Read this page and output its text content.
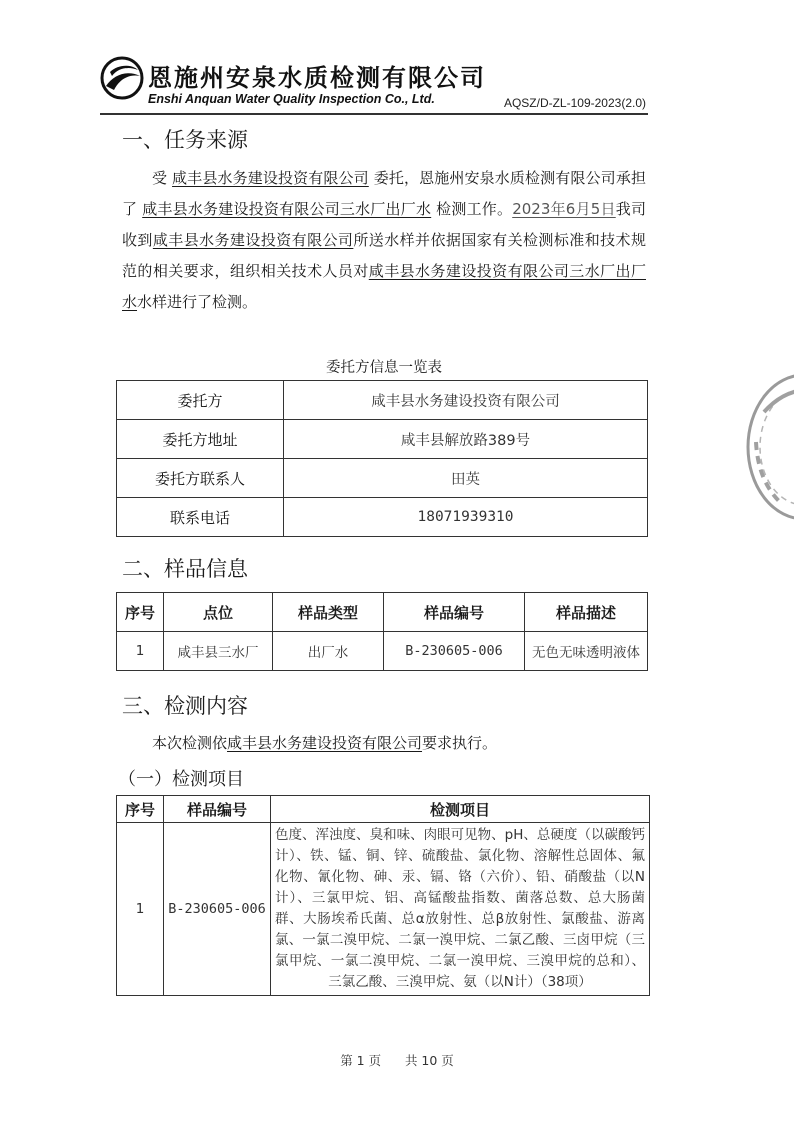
恩施州安泉水质检测有限公司
Enshi Anquan Water Quality Inspection Co., Ltd.	AQSZ/D-ZL-109-2023(2.0)
一、任务来源
受 咸丰县水务建设投资有限公司 委托，恩施州安泉水质检测有限公司承担了 咸丰县水务建设投资有限公司三水厂出厂水 检测工作。2023年6月5日我司收到咸丰县水务建设投资有限公司所送水样并依据国家有关检测标准和技术规范的相关要求，组织相关技术人员对咸丰县水务建设投资有限公司三水厂出厂水水样进行了检测。
委托方信息一览表
委托方	咸丰县水务建设投资有限公司
委托方地址	咸丰县解放路389号
委托方联系人	田英
联系电话	18071939310
二、样品信息
序号	点位	样品类型	样品编号	样品描述
1	咸丰县三水厂	出厂水	B-230605-006	无色无味透明液体
三、检测内容
本次检测依咸丰县水务建设投资有限公司要求执行。
（一）检测项目
序号	样品编号	检测项目
1	B-230605-006	色度、浑浊度、臭和味、肉眼可见物、pH、总硬度（以碳酸钙计）、铁、锰、铜、锌、硫酸盐、氯化物、溶解性总固体、氟化物、氰化物、砷、汞、镉、铬（六价）、铅、硝酸盐（以N计）、三氯甲烷、铝、高锰酸盐指数、菌落总数、总大肠菌群、大肠埃希氏菌、总α放射性、总β放射性、氯酸盐、游离氯、一氯二溴甲烷、二氯一溴甲烷、二氯乙酸、三卤甲烷（三氯甲烷、一氯二溴甲烷、二氯一溴甲烷、三溴甲烷的总和）、三氯乙酸、三溴甲烷、氨（以N计）（38项）
第 1 页 共 10 页
